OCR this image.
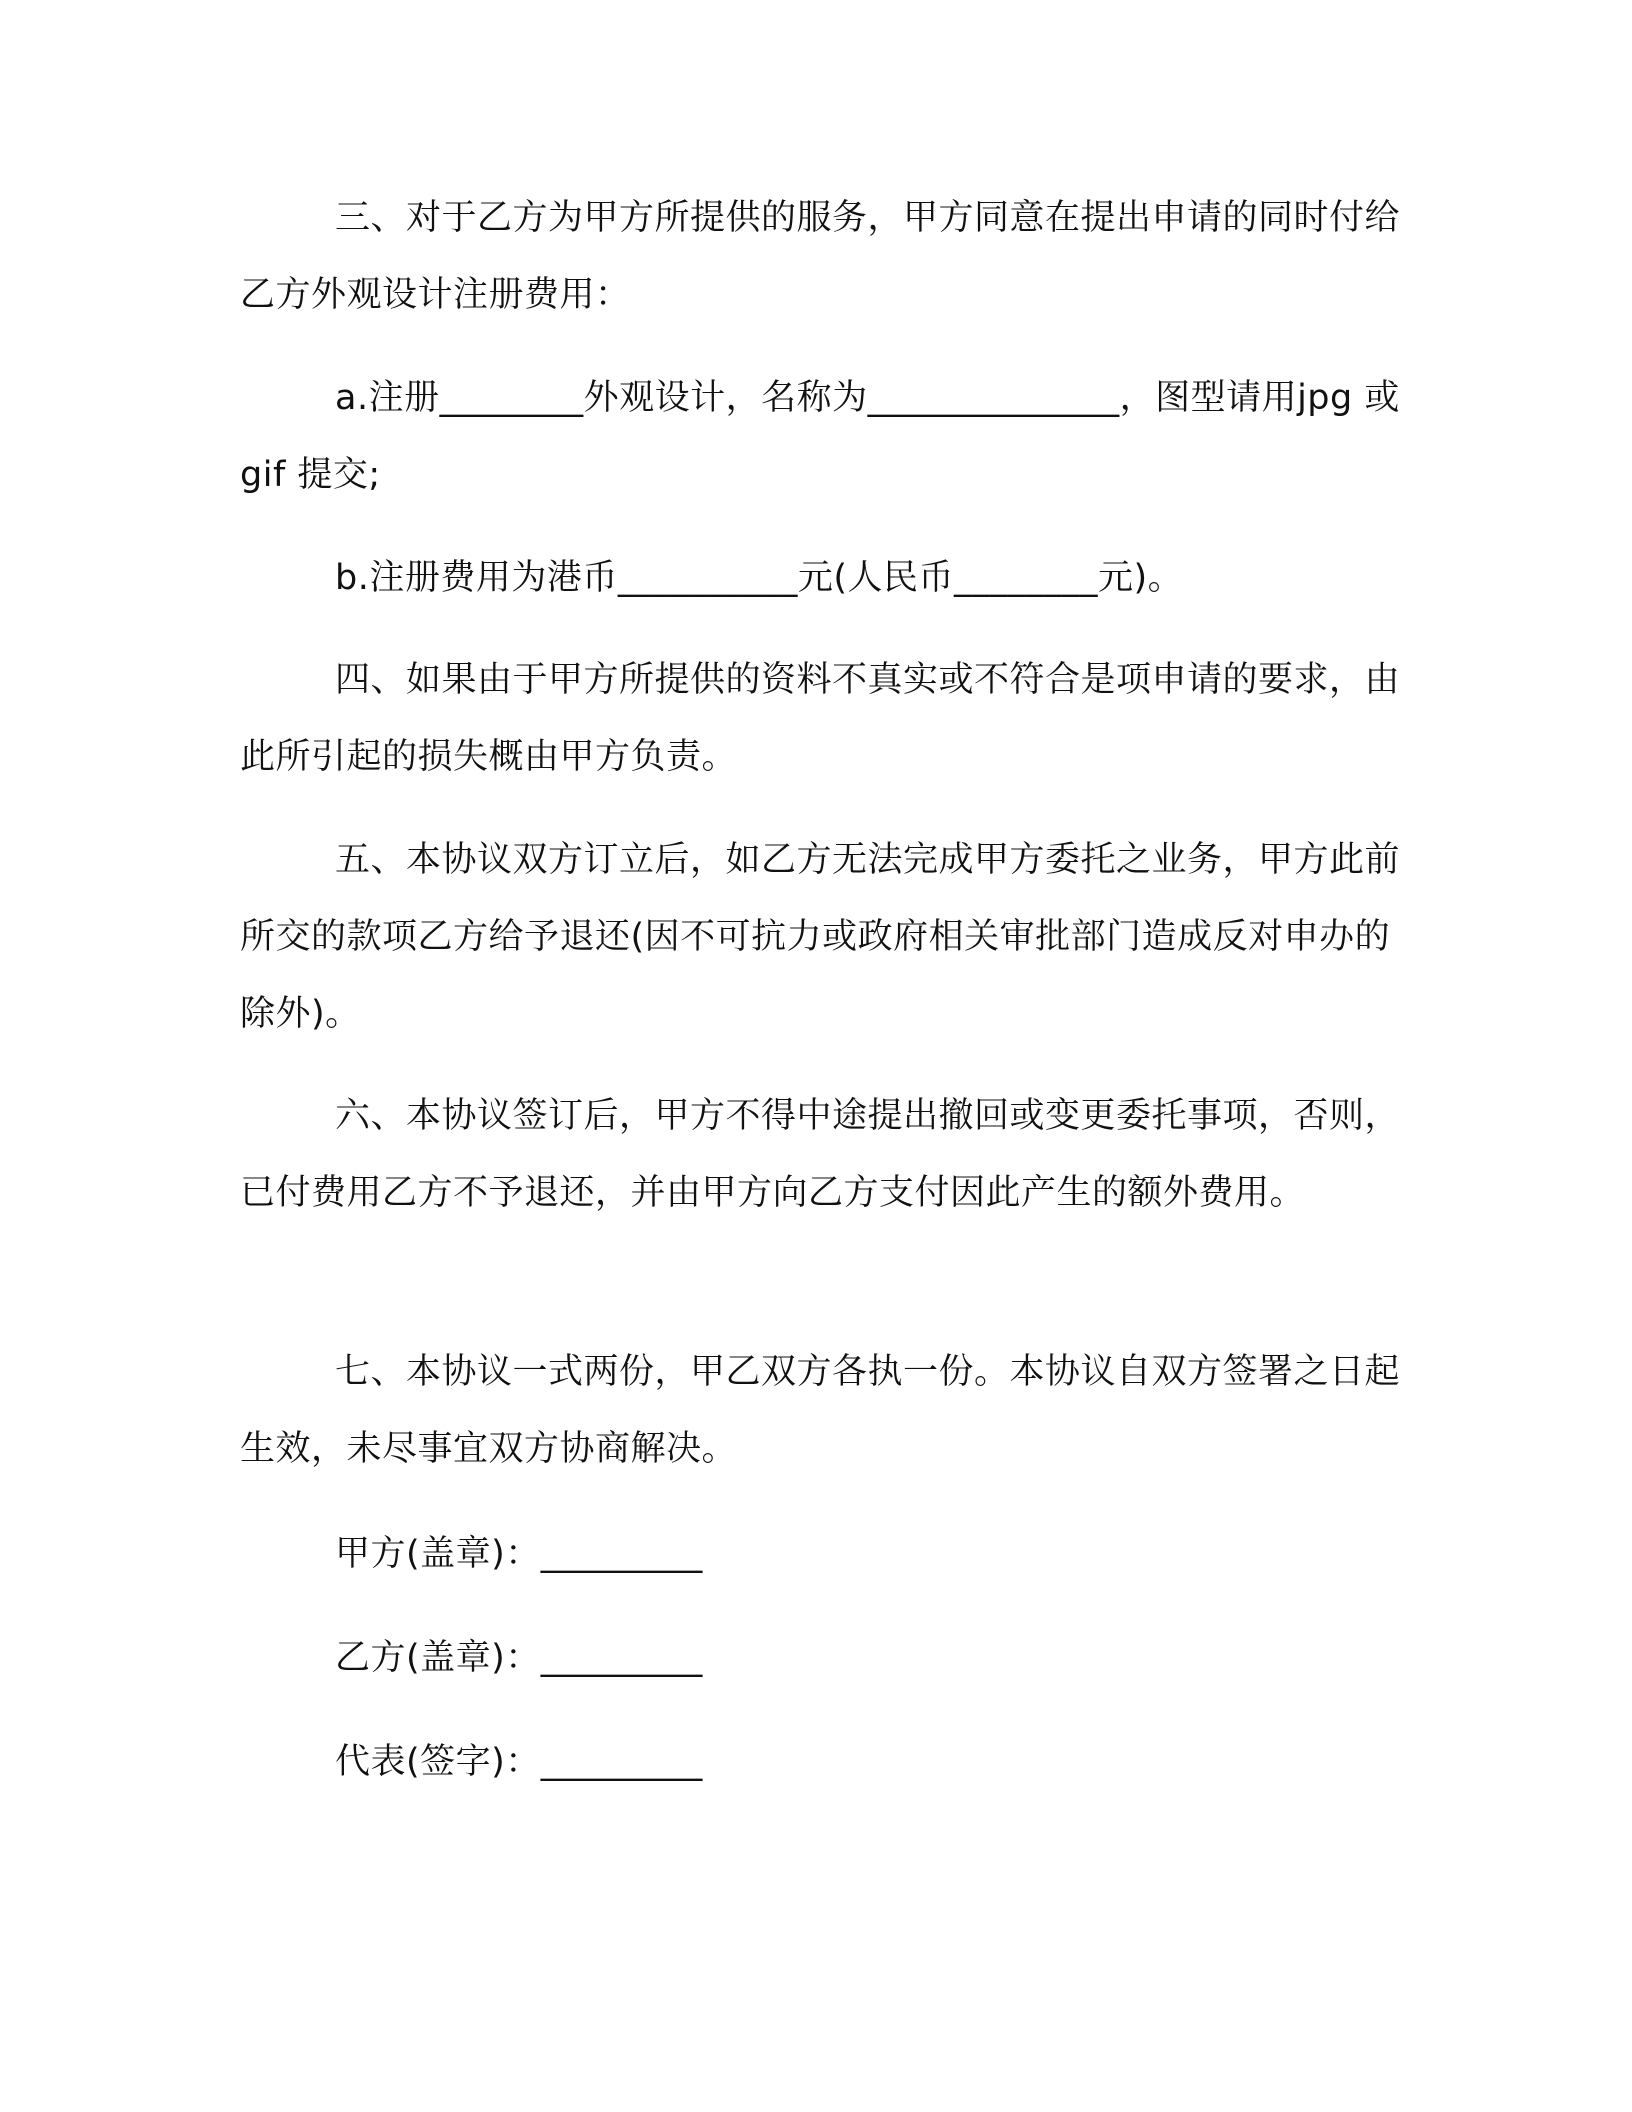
三、对于乙方为甲方所提供的服务，甲方同意在提出申请的同时付给乙方外观设计注册费用：
a.注册________外观设计，名称为______________，图型请用jpg 或 gif 提交;
b.注册费用为港币__________元(人民币________元)。
四、如果由于甲方所提供的资料不真实或不符合是项申请的要求，由此所引起的损失概由甲方负责。
五、本协议双方订立后，如乙方无法完成甲方委托之业务，甲方此前所交的款项乙方给予退还(因不可抗力或政府相关审批部门造成反对申办的除外)。
六、本协议签订后，甲方不得中途提出撤回或变更委托事项，否则，已付费用乙方不予退还，并由甲方向乙方支付因此产生的额外费用。
七、本协议一式两份，甲乙双方各执一份。本协议自双方签署之日起生效，未尽事宜双方协商解决。
甲方(盖章)：_________
乙方(盖章)：_________
代表(签字)：_________
